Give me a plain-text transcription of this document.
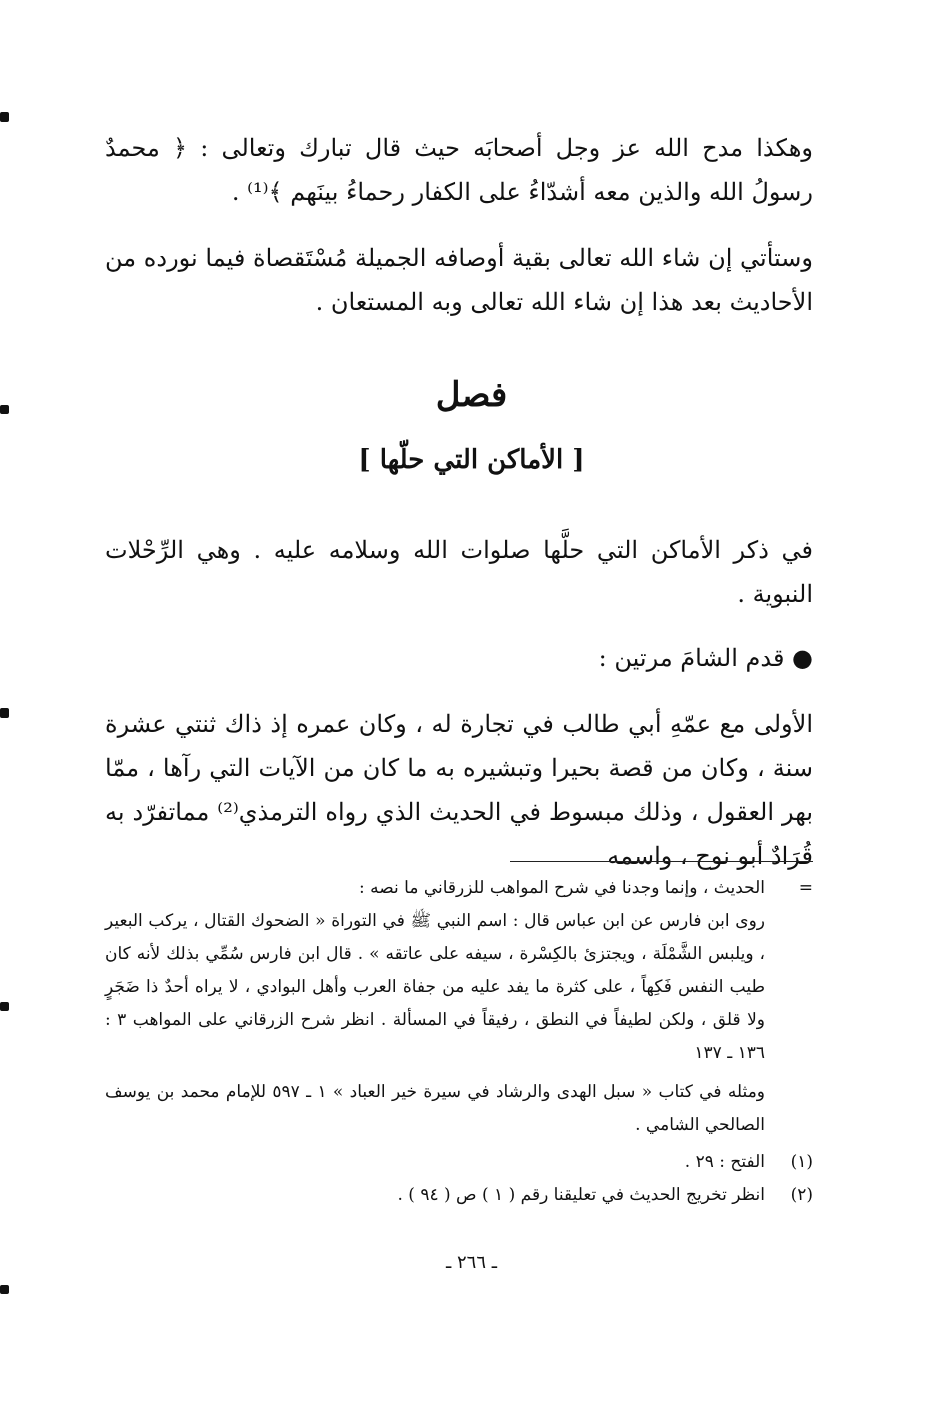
وهكذا مدح الله عز وجل أصحابَه حيث قال تبارك وتعالى : ﴿ محمدٌ رسولُ الله والذين معه أشدّاءُ على الكفار رحماءُ بينَهم ﴾⁽¹⁾ .

وستأتي إن شاء الله تعالى بقية أوصافه الجميلة مُسْتَقصاة فيما نورده من الأحاديث بعد هذا إن شاء الله تعالى وبه المستعان .

فصل
[ الأماكن التي حلّها ]

في ذكر الأماكن التي حلَّها صلوات الله وسلامه عليه . وهي الرِّحْلات النبوية .

● قدم الشامَ مرتين :

الأولى مع عمّهِ أبي طالب في تجارة له ، وكان عمره إذ ذاك ثنتي عشرة سنة ، وكان من قصة بحيرا وتبشيره به ما كان من الآيات التي رآها ، ممّا بهر العقول ، وذلك مبسوط في الحديث الذي رواه الترمذي⁽²⁾ مماتفرّد به قُرَادٌ أبو نوح ، واسمه

=
الحديث ، وإنما وجدنا في شرح المواهب للزرقاني ما نصه :
روى ابن فارس عن ابن عباس قال : اسم النبي ﷺ في التوراة « الضحوك القتال ، يركب البعير ، ويلبس الشَّمْلَة ، ويجتزئ بالكِسْرة ، سيفه على عاتقه » . قال ابن فارس سُمِّي بذلك لأنه كان طيب النفس فَكِهاً ، على كثرة ما يفد عليه من جفاة العرب وأهل البوادي ، لا يراه أحدٌ ذا ضَجَرٍ ولا قلق ، ولكن لطيفاً في النطق ، رفيقاً في المسألة . انظر شرح الزرقاني على المواهب ٣ : ١٣٦ ـ ١٣٧
ومثله في كتاب « سبل الهدى والرشاد في سيرة خير العباد » ١ ـ ٥٩٧ للإمام محمد بن يوسف الصالحي الشامي .
(١)
الفتح : ٢٩ .
(٢)
انظر تخريج الحديث في تعليقنا رقم ( ١ ) ص ( ٩٤ ) .
ـ ٢٦٦ ـ
